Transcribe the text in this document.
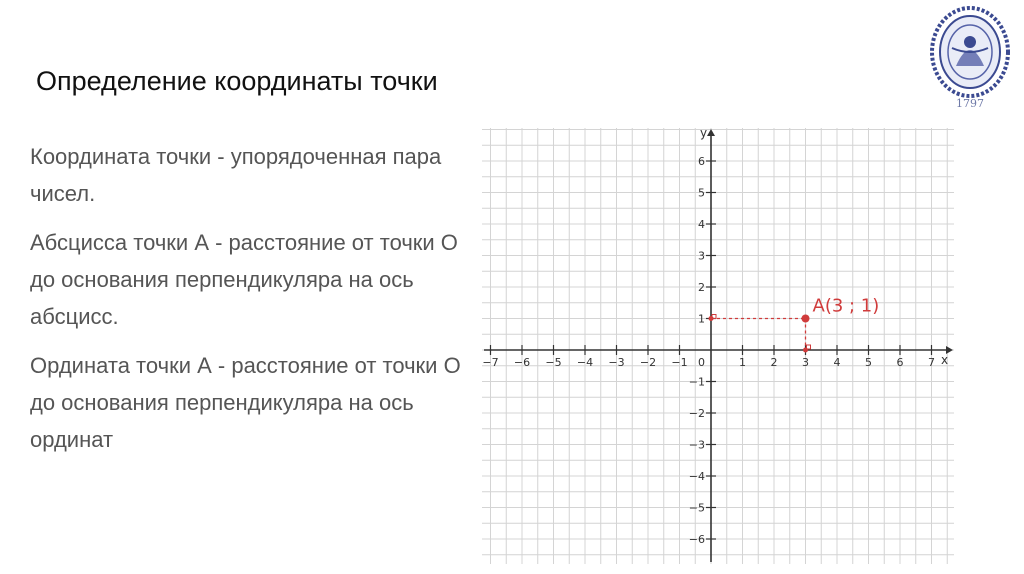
Определение координаты точки

Координата точки - упорядоченная пара чисел.

Абсцисса точки А - расстояние от точки О до основания перпендикуляра на ось абсцисс.

Ордината точки А - расстояние от точки О до основания перпендикуляра на ось ординат

1797
x
y
−7 −6 −5 −4 −3 −2 −1	1 2 3 4 5 6 7
6
5
4
3
2
1
−1
−2
−3
−4
−5
−6
0
A(3 ; 1)
